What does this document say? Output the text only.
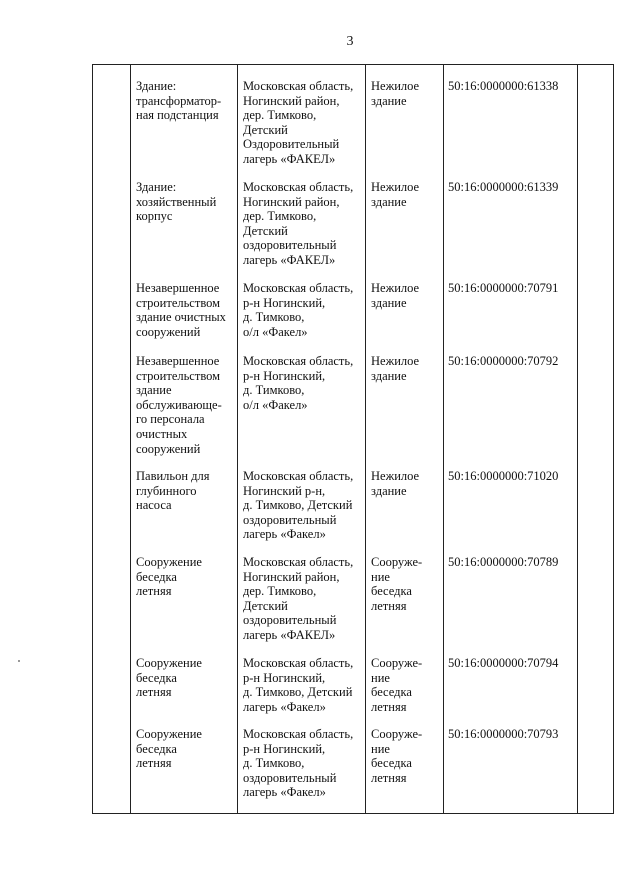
3
Здание:
трансформатор-
ная подстанция
Московская область,
Ногинский район,
дер. Тимково,
Детский
Оздоровительный
лагерь «ФАКЕЛ»
Нежилое
здание
50:16:0000000:61338
Здание:
хозяйственный
корпус
Московская область,
Ногинский район,
дер. Тимково,
Детский
оздоровительный
лагерь «ФАКЕЛ»
Нежилое
здание
50:16:0000000:61339
Незавершенное
строительством
здание очистных
сооружений
Московская область,
р-н Ногинский,
д. Тимково,
о/л «Факел»
Нежилое
здание
50:16:0000000:70791
Незавершенное
строительством
здание
обслуживающе-
го персонала
очистных
сооружений
Московская область,
р-н Ногинский,
д. Тимково,
о/л «Факел»
Нежилое
здание
50:16:0000000:70792
Павильон для
глубинного
насоса
Московская область,
Ногинский р-н,
д. Тимково, Детский
оздоровительный
лагерь «Факел»
Нежилое
здание
50:16:0000000:71020
Сооружение
беседка
летняя
Московская область,
Ногинский район,
дер. Тимково,
Детский
оздоровительный
лагерь «ФАКЕЛ»
Сооруже-
ние
беседка
летняя
50:16:0000000:70789
Сооружение
беседка
летняя
Московская область,
р-н Ногинский,
д. Тимково, Детский
лагерь «Факел»
Сооруже-
ние
беседка
летняя
50:16:0000000:70794
Сооружение
беседка
летняя
Московская область,
р-н Ногинский,
д. Тимково,
оздоровительный
лагерь «Факел»
Сооруже-
ние
беседка
летняя
50:16:0000000:70793
